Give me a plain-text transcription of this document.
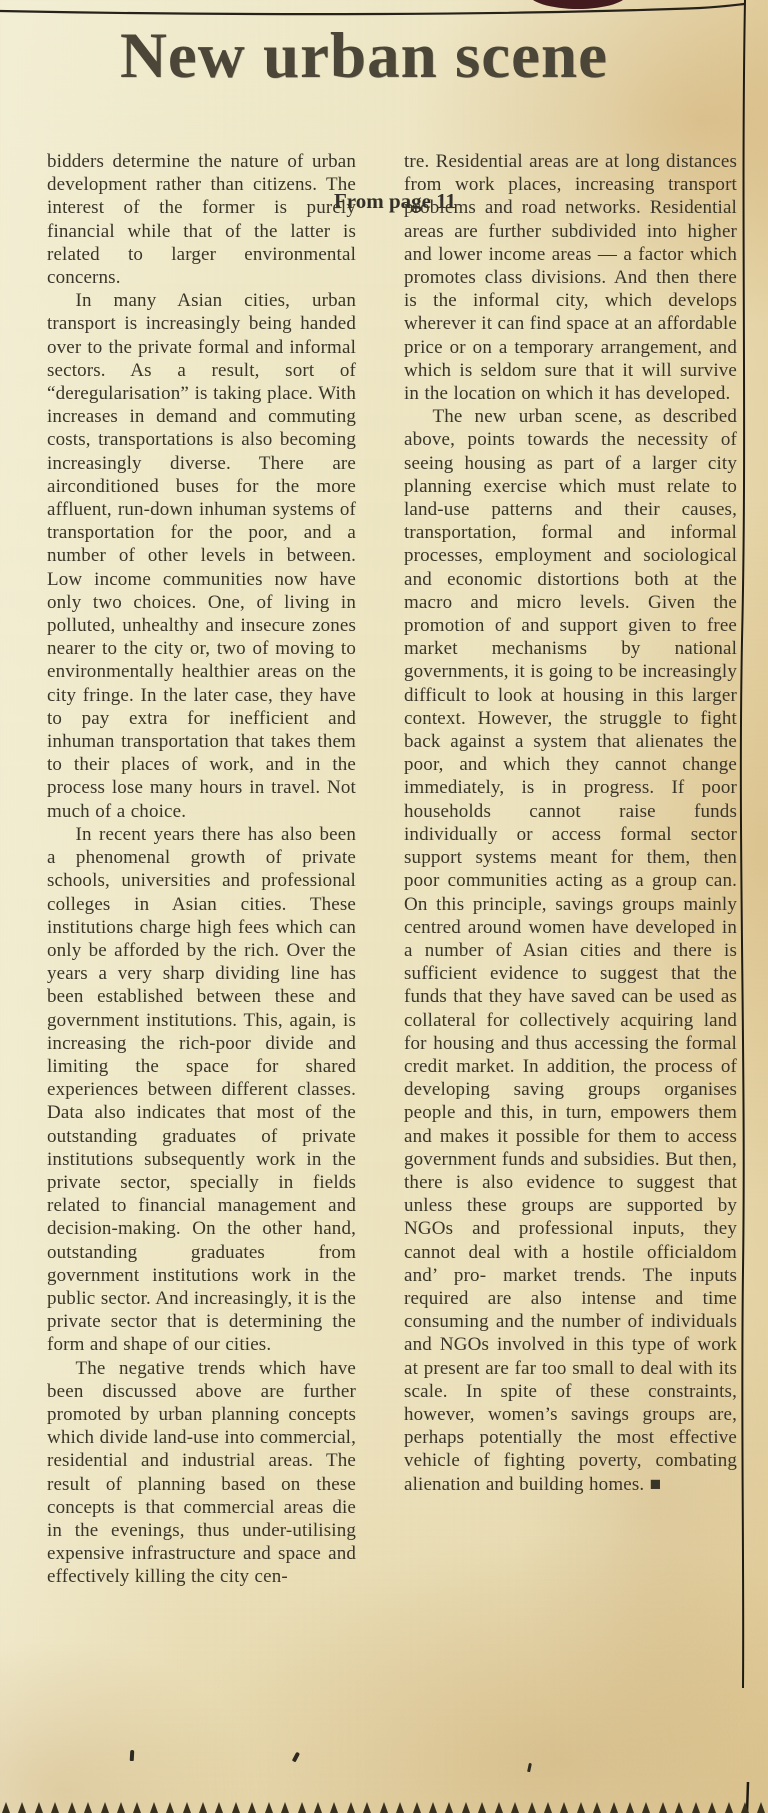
New urban scene
From page 11

bidders determine the nature of urban development rather than citizens. The interest of the former is purely financial while that of the latter is related to larger environmental concerns.

In many Asian cities, urban transport is increasingly being handed over to the private formal and informal sectors. As a result, sort of “deregularisation” is taking place. With increases in demand and commuting costs, transportations is also becoming increasingly diverse. There are airconditioned buses for the more affluent, run-down inhuman systems of transportation for the poor, and a number of other levels in between. Low income communities now have only two choices. One, of living in polluted, unhealthy and insecure zones nearer to the city or, two of moving to environmentally healthier areas on the city fringe. In the later case, they have to pay extra for inefficient and inhuman transportation that takes them to their places of work, and in the process lose many hours in travel. Not much of a choice.

In recent years there has also been a phenomenal growth of private schools, universities and professional colleges in Asian cities. These institutions charge high fees which can only be afforded by the rich. Over the years a very sharp dividing line has been established between these and government institutions. This, again, is increasing the rich-poor divide and limiting the space for shared experiences between different classes. Data also indicates that most of the outstanding graduates of private institutions subsequently work in the private sector, specially in fields related to financial management and decision-making. On the other hand, outstanding graduates from government institutions work in the public sector. And increasingly, it is the private sector that is determining the form and shape of our cities.

The negative trends which have been discussed above are further promoted by urban planning concepts which divide land-use into commercial, residential and industrial areas. The result of planning based on these concepts is that commercial areas die in the evenings, thus under-utilising expensive infrastructure and space and effectively killing the city cen-

tre. Residential areas are at long distances from work places, increasing transport problems and road networks. Residential areas are further subdivided into higher and lower income areas — a factor which promotes class divisions. And then there is the informal city, which develops wherever it can find space at an affordable price or on a temporary arrangement, and which is seldom sure that it will survive in the location on which it has developed.

The new urban scene, as described above, points towards the necessity of seeing housing as part of a larger city planning exercise which must relate to land-use patterns and their causes, transportation, formal and informal processes, employment and sociological and economic distortions both at the macro and micro levels. Given the promotion of and support given to free market mechanisms by national governments, it is going to be increasingly difficult to look at housing in this larger context. However, the struggle to fight back against a system that alienates the poor, and which they cannot change immediately, is in progress. If poor households cannot raise funds individually or access formal sector support systems meant for them, then poor communities acting as a group can. On this principle, savings groups mainly centred around women have developed in a number of Asian cities and there is sufficient evidence to suggest that the funds that they have saved can be used as collateral for collectively acquiring land for housing and thus accessing the formal credit market. In addition, the process of developing saving groups organises people and this, in turn, empowers them and makes it possible for them to access government funds and subsidies. But then, there is also evidence to suggest that unless these groups are supported by NGOs and professional inputs, they cannot deal with a hostile officialdom and’ pro- market trends. The inputs required are also intense and time consuming and the number of individuals and NGOs involved in this type of work at present are far too small to deal with its scale. In spite of these constraints, however, women’s savings groups are, perhaps potentially the most effective vehicle of fighting poverty, combating alienation and building homes. ■
